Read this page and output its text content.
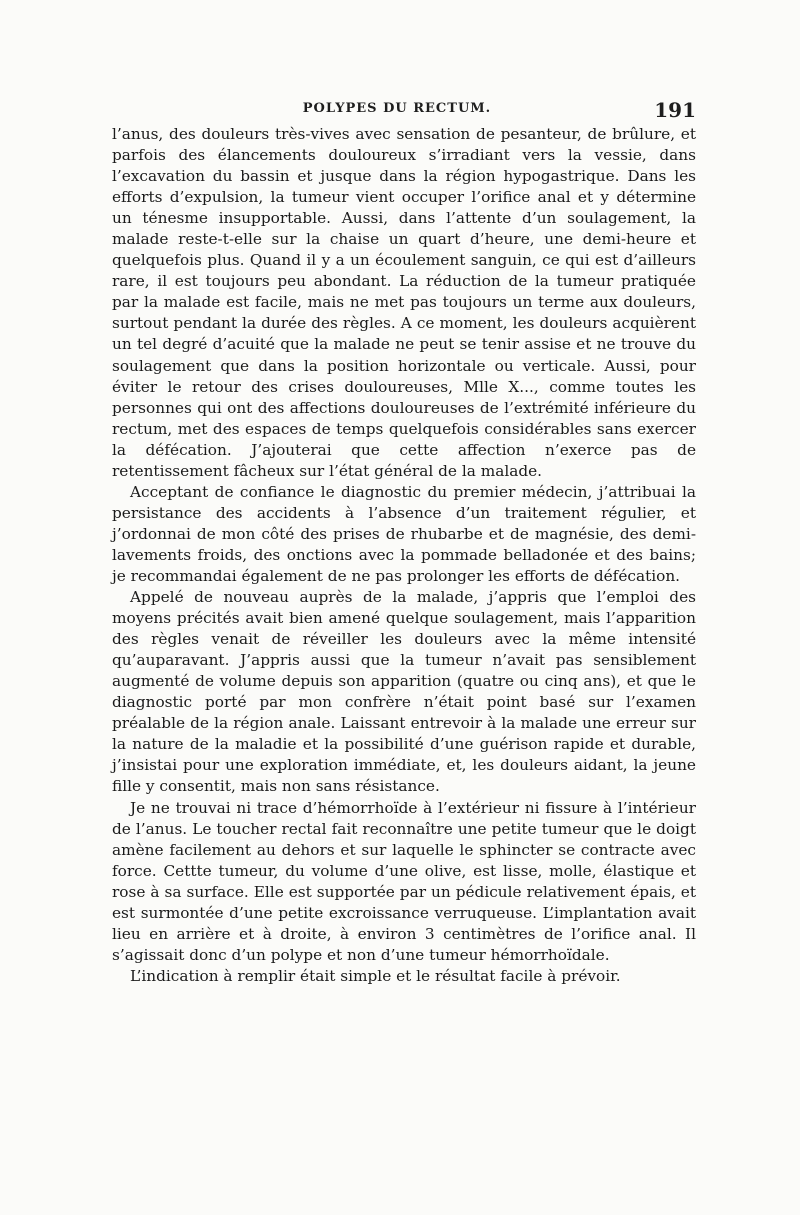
POLYPES DU RECTUM.	191

l’anus, des douleurs très-vives avec sensation de pesanteur, de brûlure, et parfois des élancements douloureux s’irradiant vers la vessie, dans l’excavation du bassin et jusque dans la région hypogastrique. Dans les efforts d’expulsion, la tumeur vient occuper l’orifice anal et y détermine un ténesme insupportable. Aussi, dans l’attente d’un soulagement, la malade reste-t-elle sur la chaise un quart d’heure, une demi-heure et quelquefois plus. Quand il y a un écoulement sanguin, ce qui est d’ailleurs rare, il est toujours peu abondant. La réduction de la tumeur pratiquée par la malade est facile, mais ne met pas toujours un terme aux douleurs, surtout pendant la durée des règles. A ce moment, les douleurs acquièrent un tel degré d’acuité que la malade ne peut se tenir assise et ne trouve du soulagement que dans la position horizontale ou verticale. Aussi, pour éviter le retour des crises douloureuses, Mlle X..., comme toutes les personnes qui ont des affections douloureuses de l’extrémité inférieure du rectum, met des espaces de temps quelquefois considérables sans exercer la défécation. J’ajouterai que cette affection n’exerce pas de retentissement fâcheux sur l’état général de la malade.

Acceptant de confiance le diagnostic du premier médecin, j’attribuai la persistance des accidents à l’absence d’un traitement régulier, et j’ordonnai de mon côté des prises de rhubarbe et de magnésie, des demi-lavements froids, des onctions avec la pommade belladonée et des bains; je recommandai également de ne pas prolonger les efforts de défécation.

Appelé de nouveau auprès de la malade, j’appris que l’emploi des moyens précités avait bien amené quelque soulagement, mais l’apparition des règles venait de réveiller les douleurs avec la même intensité qu’auparavant. J’appris aussi que la tumeur n’avait pas sensiblement augmenté de volume depuis son apparition (quatre ou cinq ans), et que le diagnostic porté par mon confrère n’était point basé sur l’examen préalable de la région anale. Laissant entrevoir à la malade une erreur sur la nature de la maladie et la possibilité d’une guérison rapide et durable, j’insistai pour une exploration immédiate, et, les douleurs aidant, la jeune fille y consentit, mais non sans résistance.

Je ne trouvai ni trace d’hémorrhoïde à l’extérieur ni fissure à l’intérieur de l’anus. Le toucher rectal fait reconnaître une petite tumeur que le doigt amène facilement au dehors et sur laquelle le sphincter se contracte avec force. Cettte tumeur, du volume d’une olive, est lisse, molle, élastique et rose à sa surface. Elle est supportée par un pédicule relativement épais, et est surmontée d’une petite excroissance verruqueuse. L’implantation avait lieu en arrière et à droite, à environ 3 centimètres de l’orifice anal. Il s’agissait donc d’un polype et non d’une tumeur hémorrhoïdale.

L’indication à remplir était simple et le résultat facile à prévoir.
